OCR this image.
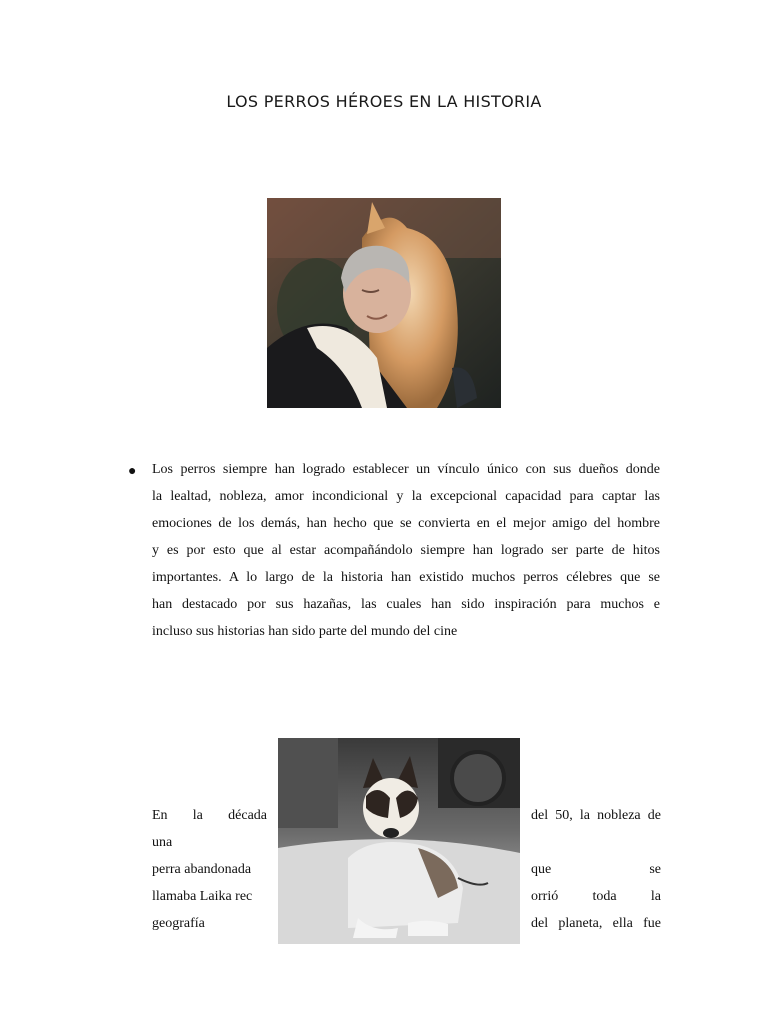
LOS PERROS HÉROES EN LA HISTORIA
● Los perros siempre han logrado establecer un vínculo único con sus dueños donde
la lealtad, nobleza, amor incondicional y la excepcional capacidad para captar las
emociones de los demás, han hecho que se convierta en el mejor amigo del hombre
y es por esto que al estar acompañándolo siempre han logrado ser parte de hitos
importantes. A lo largo de la historia han existido muchos perros célebres que se
han destacado por sus hazañas, las cuales han sido inspiración para muchos e
incluso sus historias han sido parte del mundo del cine
En la década
una
perra abandonada
llamaba Laika rec
geografía
del 50, la nobleza de
que se
orrió toda la
del planeta, ella fue
